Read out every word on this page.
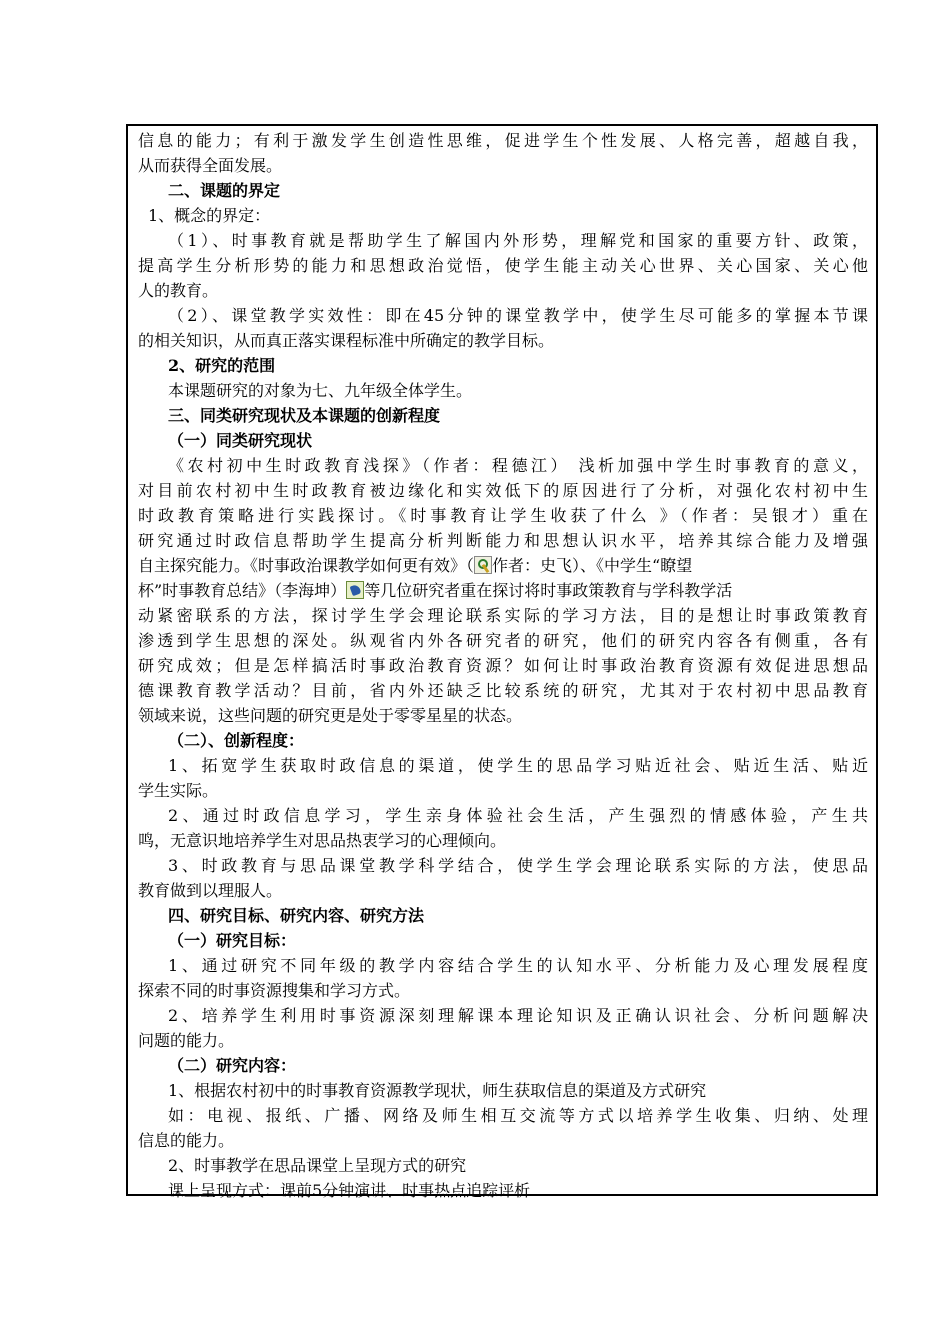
信息的能力；有利于激发学生创造性思维，促进学生个性发展、人格完善，超越自我，
从而获得全面发展。
二、课题的界定
1、概念的界定：
（1）、时事教育就是帮助学生了解国内外形势，理解党和国家的重要方针、政策，
提高学生分析形势的能力和思想政治觉悟，使学生能主动关心世界、关心国家、关心他
人的教育。
（2）、课堂教学实效性：即在45分钟的课堂教学中，使学生尽可能多的掌握本节课
的相关知识，从而真正落实课程标准中所确定的教学目标。
2、研究的范围
本课题研究的对象为七、九年级全体学生。
三、同类研究现状及本课题的创新程度
（一）同类研究现状
《农村初中生时政教育浅探》（作者：程德江） 浅析加强中学生时事教育的意义，
对目前农村初中生时政教育被边缘化和实效低下的原因进行了分析，对强化农村初中生
时政教育策略进行实践探讨。《时事教育让学生收获了什么 》（作者：吴银才）重在
研究通过时政信息帮助学生提高分析判断能力和思想认识水平，培养其综合能力及增强
自主探究能力。《时事政治课教学如何更有效》（ 作者：史飞）、《中学生“瞭望
杯”时事教育总结》（李海坤） 等几位研究者重在探讨将时事政策教育与学科教学活
动紧密联系的方法，探讨学生学会理论联系实际的学习方法，目的是想让时事政策教育
渗透到学生思想的深处。纵观省内外各研究者的研究，他们的研究内容各有侧重，各有
研究成效；但是怎样搞活时事政治教育资源？如何让时事政治教育资源有效促进思想品
德课教育教学活动？目前，省内外还缺乏比较系统的研究，尤其对于农村初中思品教育
领域来说，这些问题的研究更是处于零零星星的状态。
（二）、创新程度：
1、拓宽学生获取时政信息的渠道，使学生的思品学习贴近社会、贴近生活、贴近
学生实际。
2、通过时政信息学习，学生亲身体验社会生活，产生强烈的情感体验，产生共
鸣，无意识地培养学生对思品热衷学习的心理倾向。
3、时政教育与思品课堂教学科学结合，使学生学会理论联系实际的方法，使思品
教育做到以理服人。
四、研究目标、研究内容、研究方法
（一）研究目标：
1、通过研究不同年级的教学内容结合学生的认知水平、分析能力及心理发展程度
探索不同的时事资源搜集和学习方式。
2、培养学生利用时事资源深刻理解课本理论知识及正确认识社会、分析问题解决
问题的能力。
（二）研究内容：
1、根据农村初中的时事教育资源教学现状，师生获取信息的渠道及方式研究
如：电视、报纸、广播、网络及师生相互交流等方式以培养学生收集、归纳、处理
信息的能力。
2、时事教学在思品课堂上呈现方式的研究
课上呈现方式：课前5分钟演讲、时事热点追踪评析
